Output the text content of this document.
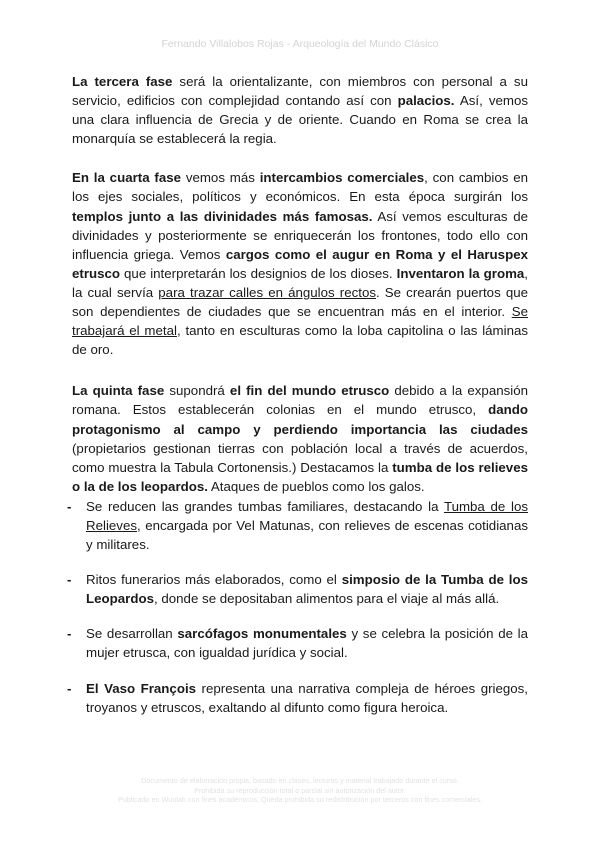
Fernando Villalobos Rojas - Arqueología del Mundo Clásico

La tercera fase será la orientalizante, con miembros con personal a su servicio, edificios con complejidad contando así con palacios. Así, vemos una clara influencia de Grecia y de oriente. Cuando en Roma se crea la monarquía se establecerá la regia.

En la cuarta fase vemos más intercambios comerciales, con cambios en los ejes sociales, políticos y económicos. En esta época surgirán los templos junto a las divinidades más famosas. Así vemos esculturas de divinidades y posteriormente se enriquecerán los frontones, todo ello con influencia griega. Vemos cargos como el augur en Roma y el Haruspex etrusco que interpretarán los designios de los dioses. Inventaron la groma, la cual servía para trazar calles en ángulos rectos. Se crearán puertos que son dependientes de ciudades que se encuentran más en el interior. Se trabajará el metal, tanto en esculturas como la loba capitolina o las láminas de oro.

La quinta fase supondrá el fin del mundo etrusco debido a la expansión romana. Estos establecerán colonias en el mundo etrusco, dando protagonismo al campo y perdiendo importancia las ciudades (propietarios gestionan tierras con población local a través de acuerdos, como muestra la Tabula Cortonensis.) Destacamos la tumba de los relieves o la de los leopardos. Ataques de pueblos como los galos.

- Se reducen las grandes tumbas familiares, destacando la Tumba de los Relieves, encargada por Vel Matunas, con relieves de escenas cotidianas y militares.
- Ritos funerarios más elaborados, como el simposio de la Tumba de los Leopardos, donde se depositaban alimentos para el viaje al más allá.
- Se desarrollan sarcófagos monumentales y se celebra la posición de la mujer etrusca, con igualdad jurídica y social.
- El Vaso François representa una narrativa compleja de héroes griegos, troyanos y etruscos, exaltando al difunto como figura heroica.
Documento de elaboración propia, basado en clases, lecturas y material trabajado durante el curso.
Prohibida su reproducción total o parcial sin autorización del autor.
Publicado en Wuolah con fines académicos. Queda prohibida su redistribución por terceros con fines comerciales.
